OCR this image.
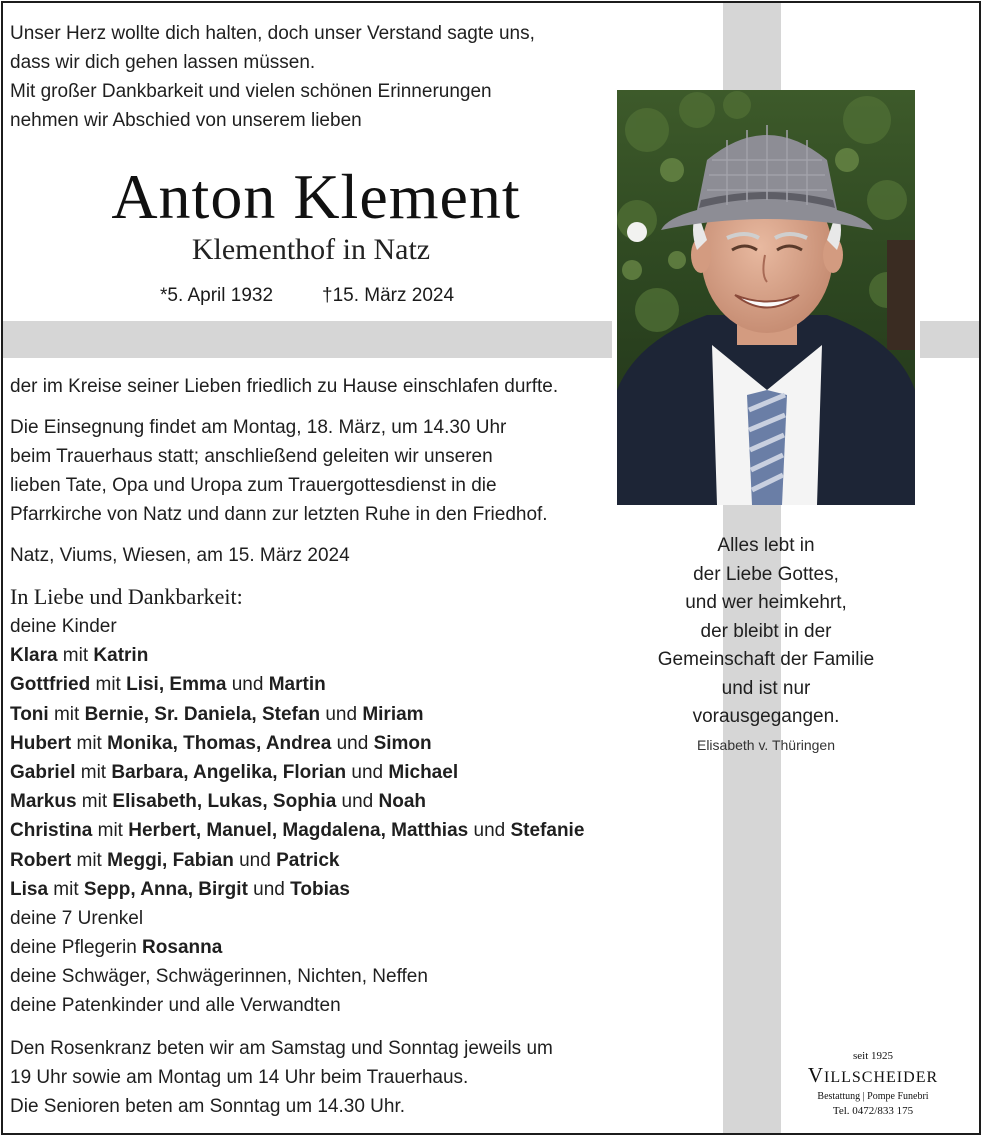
Unser Herz wollte dich halten, doch unser Verstand sagte uns,
dass wir dich gehen lassen müssen.
Mit großer Dankbarkeit und vielen schönen Erinnerungen
nehmen wir Abschied von unserem lieben
Anton Klement
Klementhof in Natz
*5. April 1932	†15. März 2024
der im Kreise seiner Lieben friedlich zu Hause einschlafen durfte.
Die Einsegnung findet am Montag, 18. März, um 14.30 Uhr
beim Trauerhaus statt; anschließend geleiten wir unseren
lieben Tate, Opa und Uropa zum Trauergottesdienst in die
Pfarrkirche von Natz und dann zur letzten Ruhe in den Friedhof.
Natz, Viums, Wiesen, am 15. März 2024
In Liebe und Dankbarkeit:
deine Kinder
Klara mit Katrin
Gottfried mit Lisi, Emma und Martin
Toni mit Bernie, Sr. Daniela, Stefan und Miriam
Hubert mit Monika, Thomas, Andrea und Simon
Gabriel mit Barbara, Angelika, Florian und Michael
Markus mit Elisabeth, Lukas, Sophia und Noah
Christina mit Herbert, Manuel, Magdalena, Matthias und Stefanie
Robert mit Meggi, Fabian und Patrick
Lisa mit Sepp, Anna, Birgit und Tobias
deine 7 Urenkel
deine Pflegerin Rosanna
deine Schwäger, Schwägerinnen, Nichten, Neffen
deine Patenkinder und alle Verwandten
Den Rosenkranz beten wir am Samstag und Sonntag jeweils um
19 Uhr sowie am Montag um 14 Uhr beim Trauerhaus.
Die Senioren beten am Sonntag um 14.30 Uhr.
Alles lebt in
der Liebe Gottes,
und wer heimkehrt,
der bleibt in der
Gemeinschaft der Familie
und ist nur
vorausgegangen.
Elisabeth v. Thüringen
seit 1925
VILLSCHEIDER
Bestattung | Pompe Funebri
Tel. 0472/833 175
